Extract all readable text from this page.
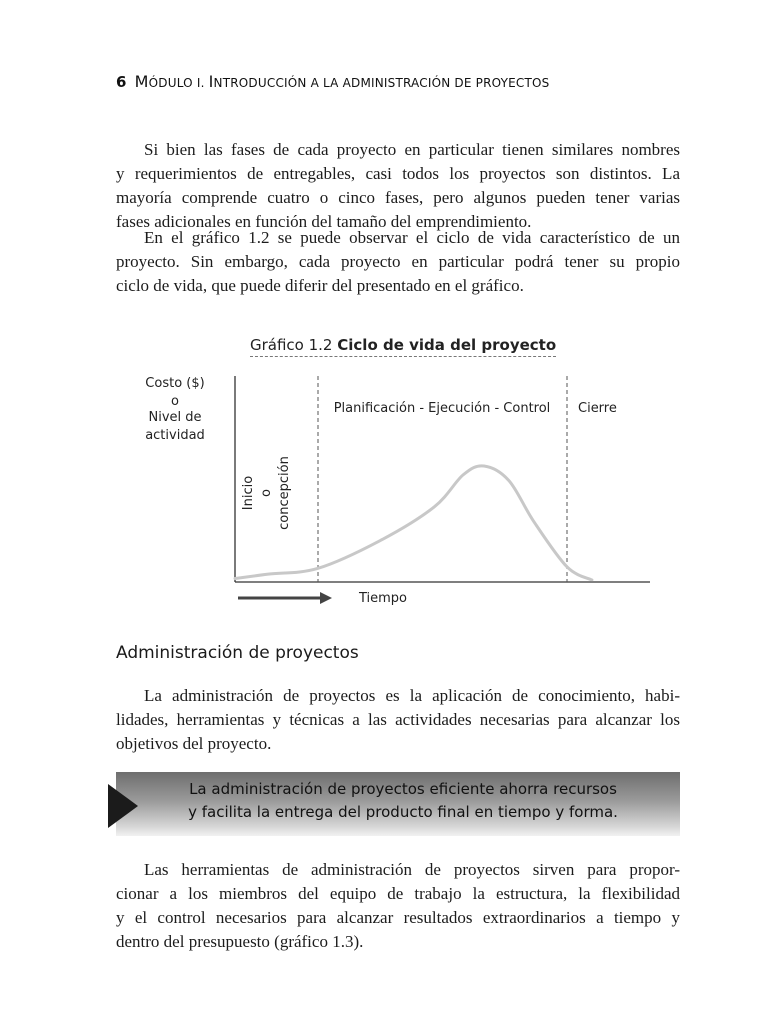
6 MÓDULO I. INTRODUCCIÓN A LA ADMINISTRACIÓN DE PROYECTOS

Si bien las fases de cada proyecto en particular tienen similares nombres
y requerimientos de entregables, casi todos los proyectos son distintos. La
mayoría comprende cuatro o cinco fases, pero algunos pueden tener varias
fases adicionales en función del tamaño del emprendimiento.

En el gráfico 1.2 se puede observar el ciclo de vida característico de un
proyecto. Sin embargo, cada proyecto en particular podrá tener su propio
ciclo de vida, que puede diferir del presentado en el gráfico.

Gráfico 1.2 Ciclo de vida del proyecto
Costo ($)
o
Nivel de
actividad
Planificación - Ejecución - Control Cierre
Inicio o concepción
Tiempo
Administración de proyectos

La administración de proyectos es la aplicación de conocimiento, habi-
lidades, herramientas y técnicas a las actividades necesarias para alcanzar los
objetivos del proyecto.

La administración de proyectos eficiente ahorra recursos
y facilita la entrega del producto final en tiempo y forma.

Las herramientas de administración de proyectos sirven para propor-
cionar a los miembros del equipo de trabajo la estructura, la flexibilidad
y el control necesarios para alcanzar resultados extraordinarios a tiempo y
dentro del presupuesto (gráfico 1.3).
